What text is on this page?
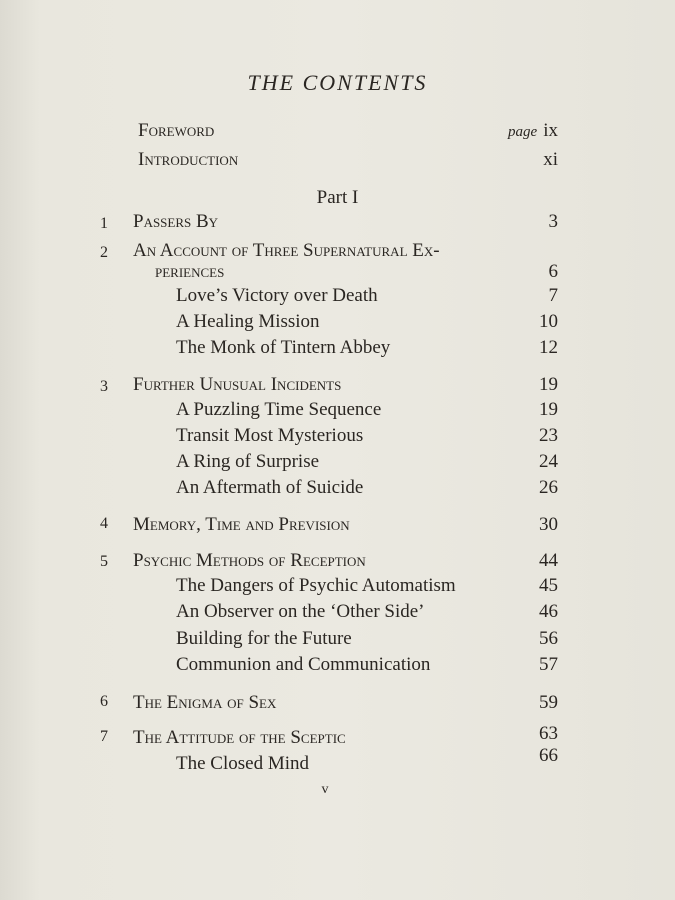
THE CONTENTS
Foreword	page ix
Introduction	xi
Part I
1	Passers By	3
2	An Account of Three Supernatural Ex-
periences	6
Love’s Victory over Death	7
A Healing Mission	10
The Monk of Tintern Abbey	12
3	Further Unusual Incidents	19
A Puzzling Time Sequence	19
Transit Most Mysterious	23
A Ring of Surprise	24
An Aftermath of Suicide	26
4	Memory, Time and Prevision	30
5	Psychic Methods of Reception	44
The Dangers of Psychic Automatism	45
An Observer on the ‘Other Side’	46
Building for the Future	56
Communion and Communication	57
6	The Enigma of Sex	59
7	The Attitude of the Sceptic	63
The Closed Mind	66
v
